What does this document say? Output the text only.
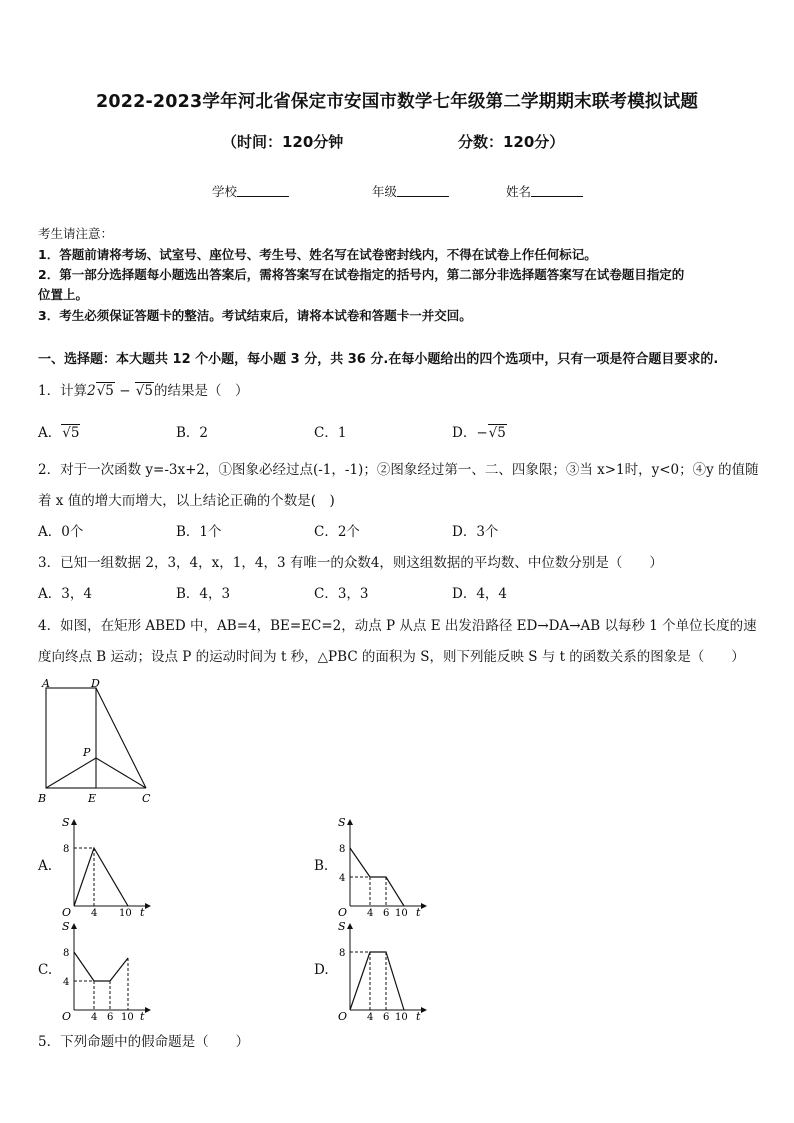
2022-2023学年河北省保定市安国市数学七年级第二学期期末联考模拟试题
（时间：120分钟	分数：120分）
学校	年级	姓名
考生请注意：
1．答题前请将考场、试室号、座位号、考生号、姓名写在试卷密封线内，不得在试卷上作任何标记。
2．第一部分选择题每小题选出答案后，需将答案写在试卷指定的括号内，第二部分非选择题答案写在试卷题目指定的
位置上。
3．考生必须保证答题卡的整洁。考试结束后，请将本试卷和答题卡一并交回。
一、选择题：本大题共 12 个小题，每小题 3 分，共 36 分.在每小题给出的四个选项中，只有一项是符合题目要求的.
1．计算2√5 − √5的结果是（　）
A．√5	B．2	C．1	D．−√5
2．对于一次函数 y=-3x+2，①图象必经过点(-1，-1)；②图象经过第一、二、四象限；③当 x>1时，y<0；④y 的值随
着 x 值的增大而增大，以上结论正确的个数是(　)
A．0个	B．1个	C．2个	D．3个
3．已知一组数据 2，3，4，x，1，4，3 有唯一的众数4，则这组数据的平均数、中位数分别是（　　）
A．3，4	B．4，3	C．3，3	D．4，4
4．如图，在矩形 ABED 中，AB=4，BE=EC=2，动点 P 从点 E 出发沿路径 ED→DA→AB 以每秒 1 个单位长度的速
度向终点 B 运动；设点 P 的运动时间为 t 秒，△PBC 的面积为 S，则下列能反映 S 与 t 的函数关系的图象是（　　）
A	D
P
B	E	C
A.
S
8
O 4 10 t
B.
S
8
4
O 4 6 10 t
C.
S
8
4
O 4 6 10 t
D.
S
8
O 4 6 10 t
5．下列命题中的假命题是（　　）
